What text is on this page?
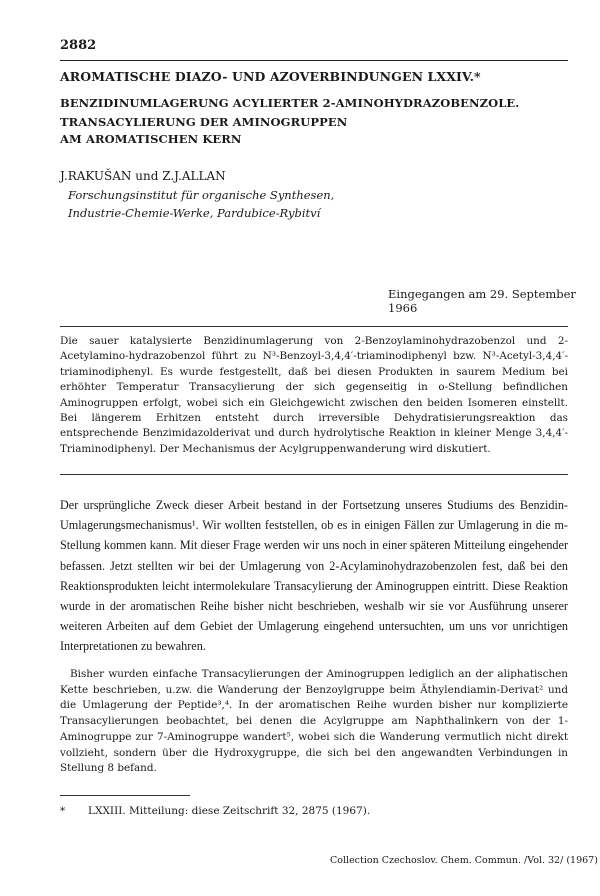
2882
AROMATISCHE DIAZO- UND AZOVERBINDUNGEN LXXIV.*
BENZIDINUMLAGERUNG ACYLIERTER 2-AMINOHYDRAZOBENZOLE.
TRANSACYLIERUNG DER AMINOGRUPPEN
AM AROMATISCHEN KERN
J.RAKUŠAN und Z.J.ALLAN
Forschungsinstitut für organische Synthesen,
Industrie-Chemie-Werke, Pardubice-Rybitví
Eingegangen am 29. September 1966

Die sauer katalysierte Benzidinumlagerung von 2-Benzoylaminohydrazobenzol und 2-Acetylamino-hydrazobenzol führt zu N³-Benzoyl-3,4,4′-triaminodiphenyl bzw. N³-Acetyl-3,4,4′-triaminodiphenyl. Es wurde festgestellt, daß bei diesen Produkten in saurem Medium bei erhöhter Temperatur Transacylierung der sich gegenseitig in o-Stellung befindlichen Aminogruppen erfolgt, wobei sich ein Gleichgewicht zwischen den beiden Isomeren einstellt. Bei längerem Erhitzen entsteht durch irreversible Dehydratisierungsreaktion das entsprechende Benzimidazolderivat und durch hydrolytische Reaktion in kleiner Menge 3,4,4′-Triaminodiphenyl. Der Mechanismus der Acylgruppenwanderung wird diskutiert.

Der ursprüngliche Zweck dieser Arbeit bestand in der Fortsetzung unseres Studiums des Benzidin-Umlagerungsmechanismus¹. Wir wollten feststellen, ob es in einigen Fällen zur Umlagerung in die m-Stellung kommen kann. Mit dieser Frage werden wir uns noch in einer späteren Mitteilung eingehender befassen. Jetzt stellten wir bei der Umlagerung von 2-Acylaminohydrazobenzolen fest, daß bei den Reaktionsprodukten leicht intermolekulare Transacylierung der Aminogruppen eintritt. Diese Reaktion wurde in der aromatischen Reihe bisher nicht beschrieben, weshalb wir sie vor Ausführung unserer weiteren Arbeiten auf dem Gebiet der Umlagerung eingehend untersuchten, um uns vor unrichtigen Interpretationen zu bewahren.

Bisher wurden einfache Transacylierungen der Aminogruppen lediglich an der aliphatischen Kette beschrieben, u.zw. die Wanderung der Benzoylgruppe beim Äthylendiamin-Derivat² und die Umlagerung der Peptide³,⁴. In der aromatischen Reihe wurden bisher nur komplizierte Transacylierungen beobachtet, bei denen die Acylgruppe am Naphthalinkern von der 1-Aminogruppe zur 7-Aminogruppe wandert⁵, wobei sich die Wanderung vermutlich nicht direkt vollzieht, sondern über die Hydroxygruppe, die sich bei den angewandten Verbindungen in Stellung 8 befand.

* LXXIII. Mitteilung: diese Zeitschrift 32, 2875 (1967).
Collection Czechoslov. Chem. Commun. /Vol. 32/ (1967)
